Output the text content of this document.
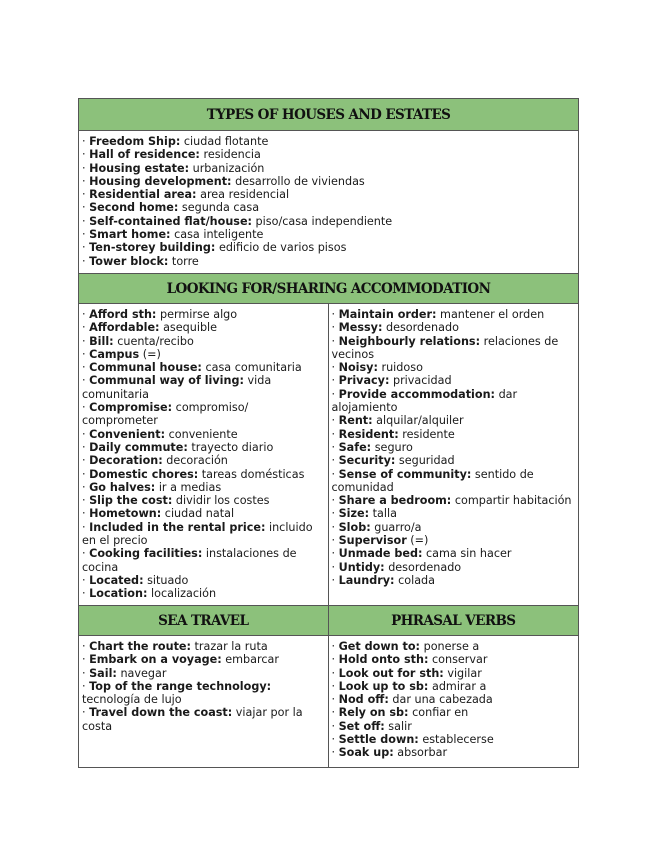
TYPES OF HOUSES AND ESTATES
· Freedom Ship: ciudad flotante
· Hall of residence: residencia
· Housing estate: urbanización
· Housing development: desarrollo de viviendas
· Residential area: area residencial
· Second home: segunda casa
· Self-contained flat/house: piso/casa independiente
· Smart home: casa inteligente
· Ten-storey building: edificio de varios pisos
· Tower block: torre
LOOKING FOR/SHARING ACCOMMODATION
· Afford sth: permirse algo
· Affordable: asequible
· Bill: cuenta/recibo
· Campus (=)
· Communal house: casa comunitaria
· Communal way of living: vida comunitaria
· Compromise: compromiso/ comprometer
· Convenient: conveniente
· Daily commute: trayecto diario
· Decoration: decoración
· Domestic chores: tareas domésticas
· Go halves: ir a medias
· Slip the cost: dividir los costes
· Hometown: ciudad natal
· Included in the rental price: incluido en el precio
· Cooking facilities: instalaciones de cocina
· Located: situado
· Location: localización
· Maintain order: mantener el orden
· Messy: desordenado
· Neighbourly relations: relaciones de vecinos
· Noisy: ruidoso
· Privacy: privacidad
· Provide accommodation: dar alojamiento
· Rent: alquilar/alquiler
· Resident: residente
· Safe: seguro
· Security: seguridad
· Sense of community: sentido de comunidad
· Share a bedroom: compartir habitación
· Size: talla
· Slob: guarro/a
· Supervisor (=)
· Unmade bed: cama sin hacer
· Untidy: desordenado
· Laundry: colada
SEA TRAVEL	PHRASAL VERBS
· Chart the route: trazar la ruta
· Embark on a voyage: embarcar
· Sail: navegar
· Top of the range technology: tecnología de lujo
· Travel down the coast: viajar por la costa
· Get down to: ponerse a
· Hold onto sth: conservar
· Look out for sth: vigilar
· Look up to sb: admirar a
· Nod off: dar una cabezada
· Rely on sb: confiar en
· Set off: salir
· Settle down: establecerse
· Soak up: absorbar
